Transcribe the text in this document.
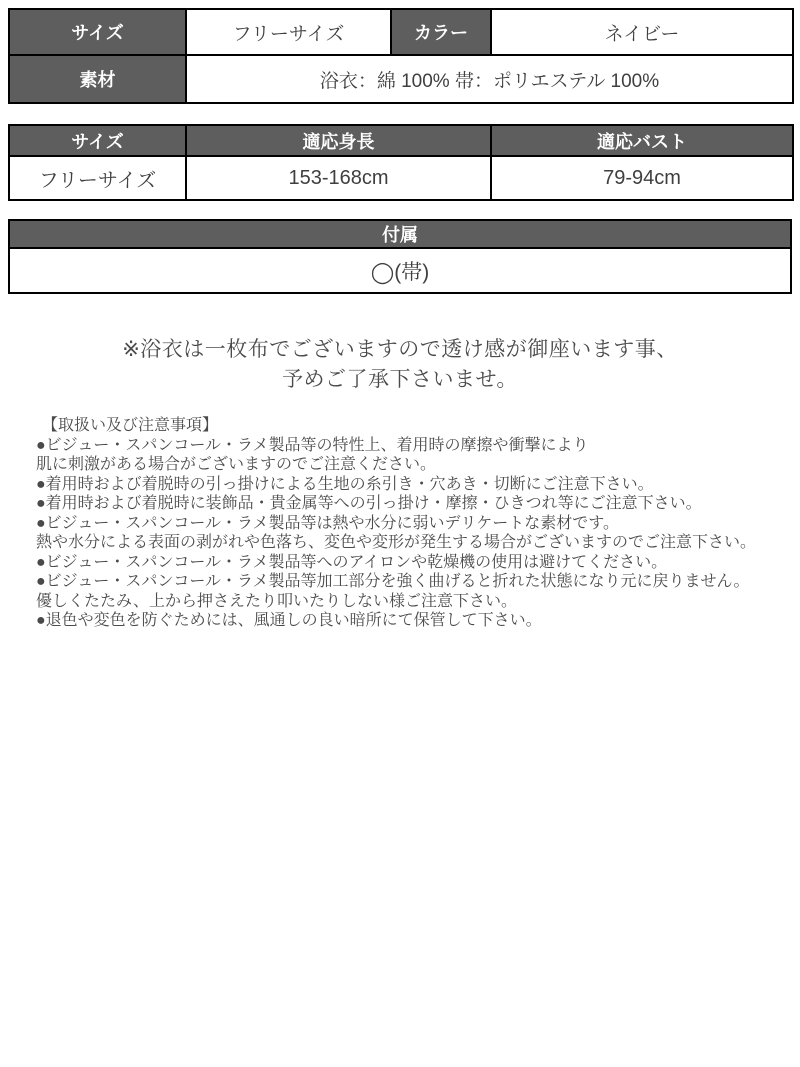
サイズ	フリーサイズ	カラー	ネイビー
素材	浴衣：綿 100% 帯：ポリエステル 100%		
サイズ	適応身長	適応バスト
フリーサイズ	153-168cm	79-94cm
付属
◯(帯)
※浴衣は一枚布でございますので透け感が御座います事、
予めご了承下さいませ。
【取扱い及び注意事項】
●ビジュー・スパンコール・ラメ製品等の特性上、着用時の摩擦や衝撃により
肌に刺激がある場合がございますのでご注意ください。
●着用時および着脱時の引っ掛けによる生地の糸引き・穴あき・切断にご注意下さい。
●着用時および着脱時に装飾品・貴金属等への引っ掛け・摩擦・ひきつれ等にご注意下さい。
●ビジュー・スパンコール・ラメ製品等は熱や水分に弱いデリケートな素材です。
熱や水分による表面の剥がれや色落ち、変色や変形が発生する場合がございますのでご注意下さい。
●ビジュー・スパンコール・ラメ製品等へのアイロンや乾燥機の使用は避けてください。
●ビジュー・スパンコール・ラメ製品等加工部分を強く曲げると折れた状態になり元に戻りません。
優しくたたみ、上から押さえたり叩いたりしない様ご注意下さい。
●退色や変色を防ぐためには、風通しの良い暗所にて保管して下さい。
